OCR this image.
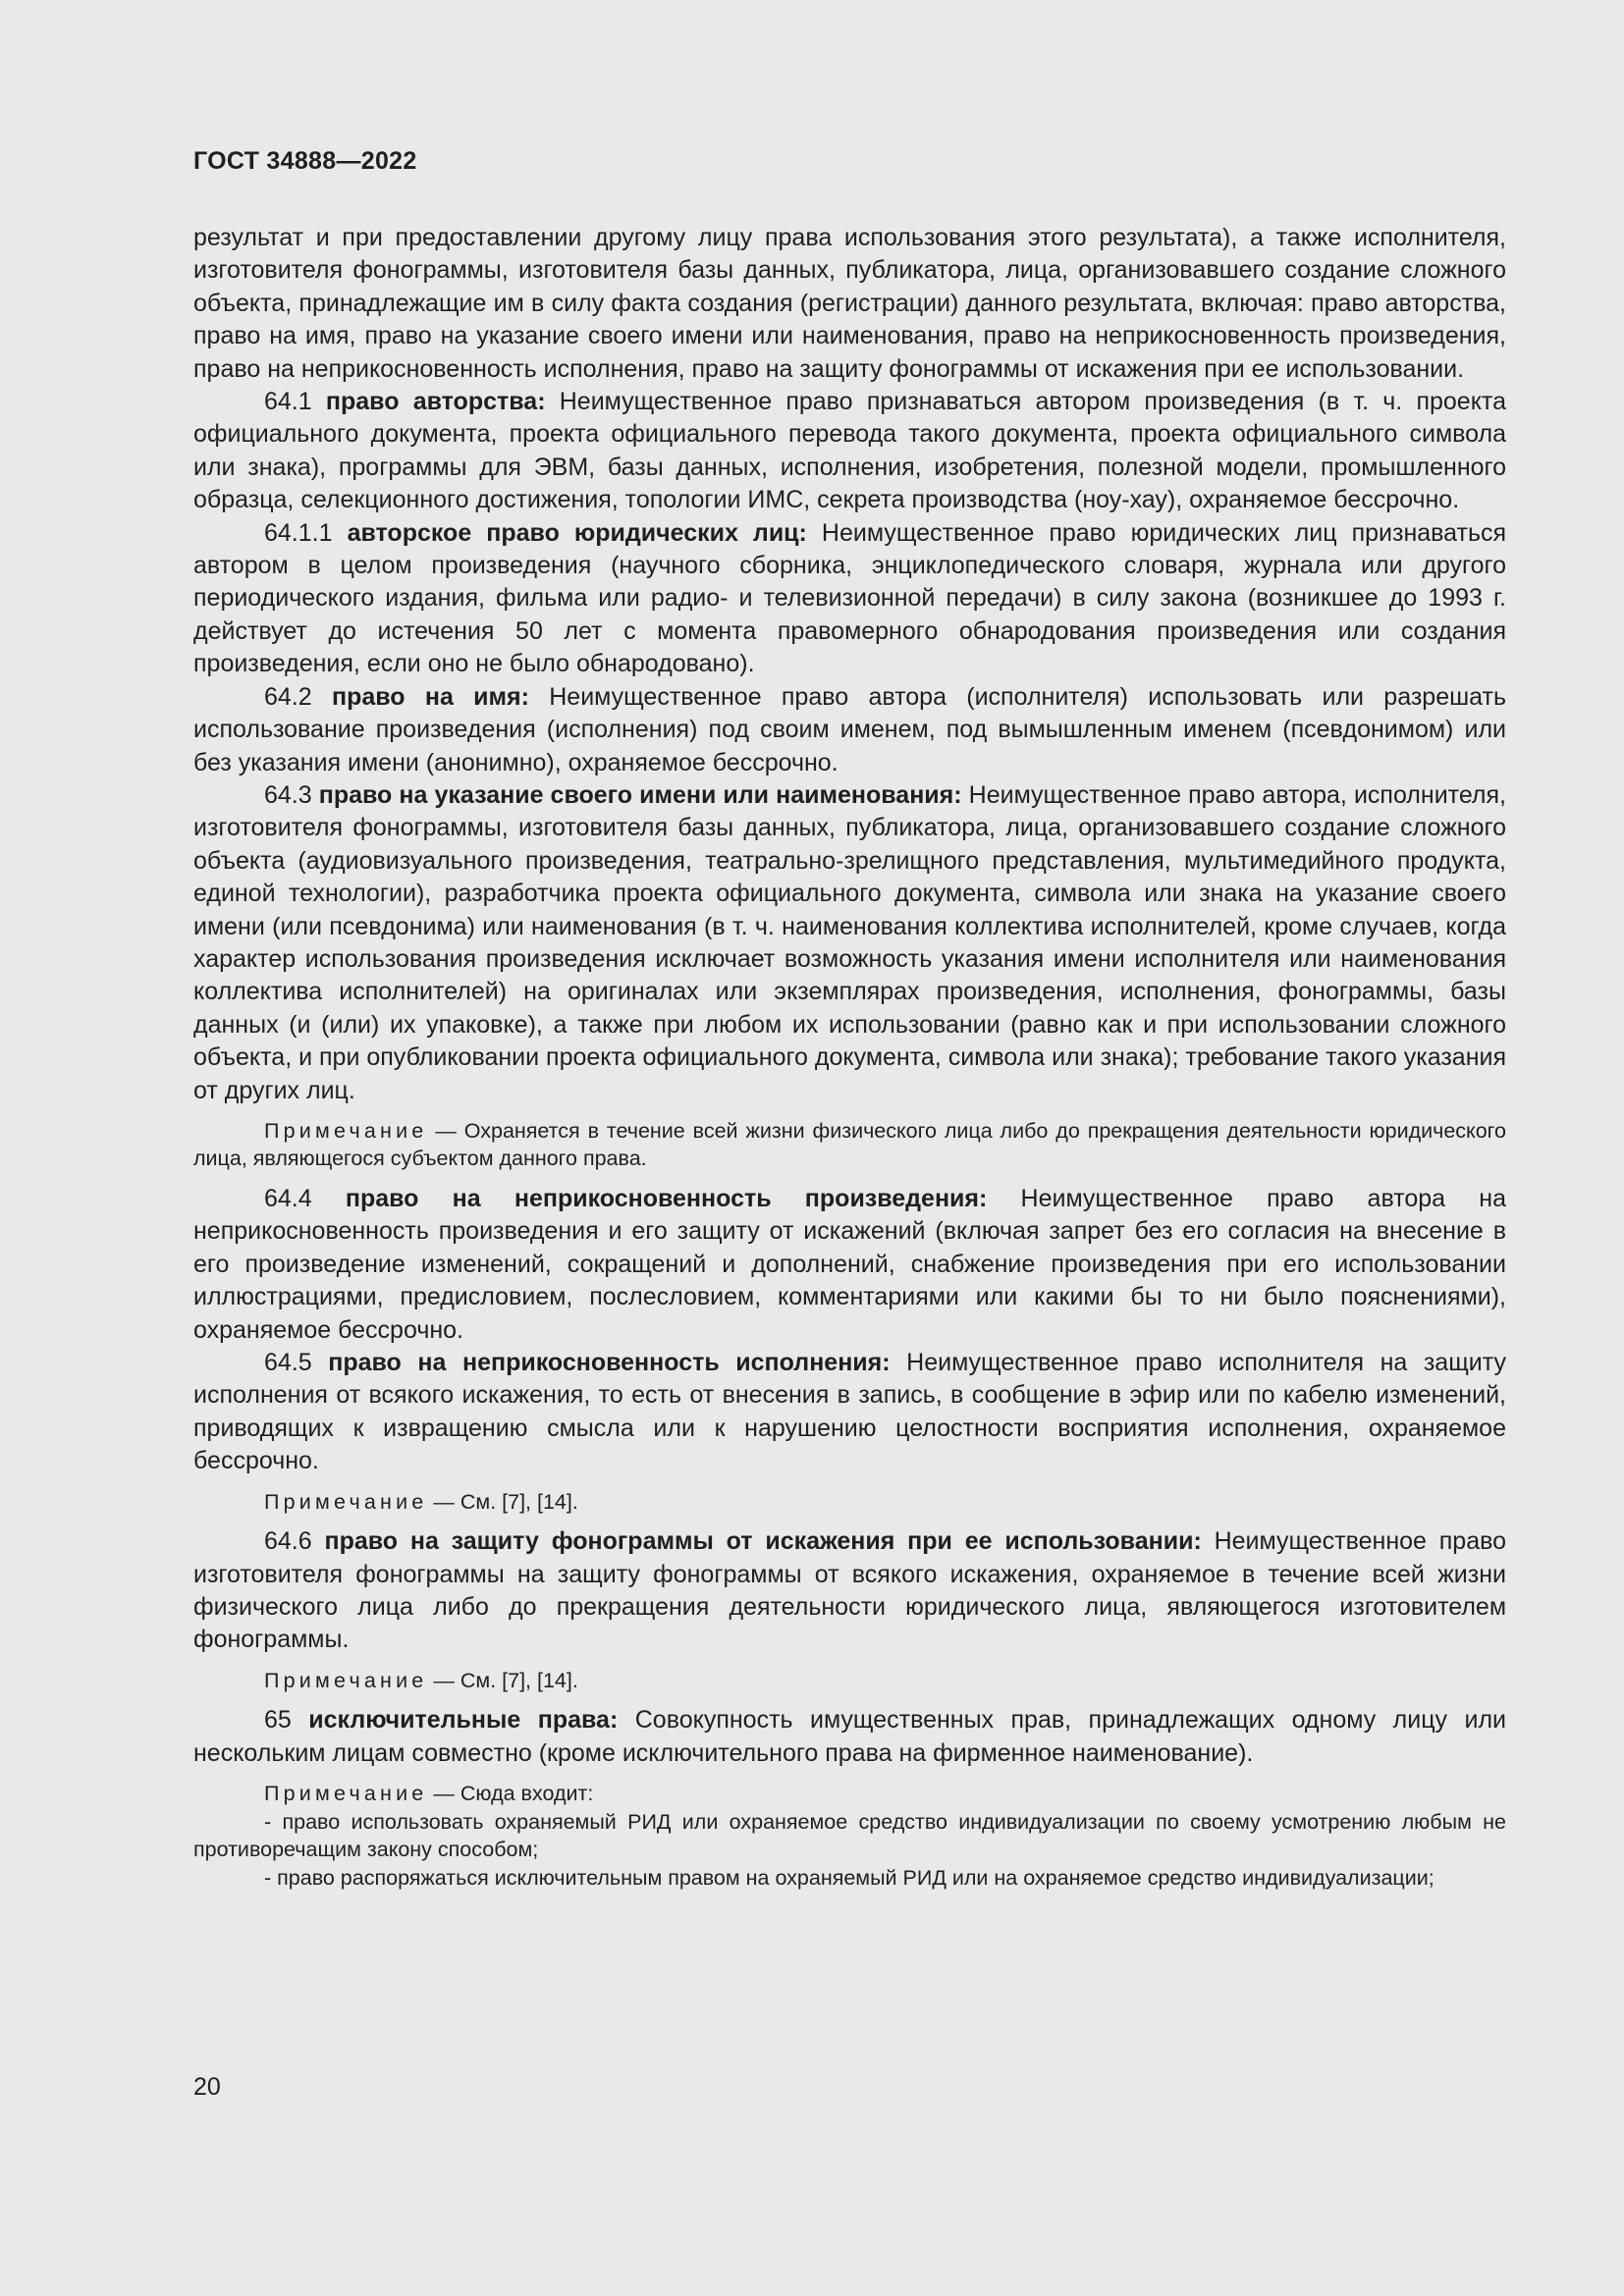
ГОСТ 34888—2022

результат и при предоставлении другому лицу права использования этого результата), а также исполнителя, изготовителя фонограммы, изготовителя базы данных, публикатора, лица, организовавшего создание сложного объекта, принадлежащие им в силу факта создания (регистрации) данного результата, включая: право авторства, право на имя, право на указание своего имени или наименования, право на неприкосновенность произведения, право на неприкосновенность исполнения, право на защиту фонограммы от искажения при ее использовании.

64.1 право авторства: Неимущественное право признаваться автором произведения (в т. ч. проекта официального документа, проекта официального перевода такого документа, проекта официального символа или знака), программы для ЭВМ, базы данных, исполнения, изобретения, полезной модели, промышленного образца, селекционного достижения, топологии ИМС, секрета производства (ноу-хау), охраняемое бессрочно.

64.1.1 авторское право юридических лиц: Неимущественное право юридических лиц признаваться автором в целом произведения (научного сборника, энциклопедического словаря, журнала или другого периодического издания, фильма или радио- и телевизионной передачи) в силу закона (возникшее до 1993 г. действует до истечения 50 лет с момента правомерного обнародования произведения или создания произведения, если оно не было обнародовано).

64.2 право на имя: Неимущественное право автора (исполнителя) использовать или разрешать использование произведения (исполнения) под своим именем, под вымышленным именем (псевдонимом) или без указания имени (анонимно), охраняемое бессрочно.

64.3 право на указание своего имени или наименования: Неимущественное право автора, исполнителя, изготовителя фонограммы, изготовителя базы данных, публикатора, лица, организовавшего создание сложного объекта (аудиовизуального произведения, театрально-зрелищного представления, мультимедийного продукта, единой технологии), разработчика проекта официального документа, символа или знака на указание своего имени (или псевдонима) или наименования (в т. ч. наименования коллектива исполнителей, кроме случаев, когда характер использования произведения исключает возможность указания имени исполнителя или наименования коллектива исполнителей) на оригиналах или экземплярах произведения, исполнения, фонограммы, базы данных (и (или) их упаковке), а также при любом их использовании (равно как и при использовании сложного объекта, и при опубликовании проекта официального документа, символа или знака); требование такого указания от других лиц.

Примечание — Охраняется в течение всей жизни физического лица либо до прекращения деятельности юридического лица, являющегося субъектом данного права.

64.4 право на неприкосновенность произведения: Неимущественное право автора на неприкосновенность произведения и его защиту от искажений (включая запрет без его согласия на внесение в его произведение изменений, сокращений и дополнений, снабжение произведения при его использовании иллюстрациями, предисловием, послесловием, комментариями или какими бы то ни было пояснениями), охраняемое бессрочно.

64.5 право на неприкосновенность исполнения: Неимущественное право исполнителя на защиту исполнения от всякого искажения, то есть от внесения в запись, в сообщение в эфир или по кабелю изменений, приводящих к извращению смысла или к нарушению целостности восприятия исполнения, охраняемое бессрочно.

Примечание — См. [7], [14].

64.6 право на защиту фонограммы от искажения при ее использовании: Неимущественное право изготовителя фонограммы на защиту фонограммы от всякого искажения, охраняемое в течение всей жизни физического лица либо до прекращения деятельности юридического лица, являющегося изготовителем фонограммы.

Примечание — См. [7], [14].

65 исключительные права: Совокупность имущественных прав, принадлежащих одному лицу или нескольким лицам совместно (кроме исключительного права на фирменное наименование).

Примечание — Сюда входит:

- право использовать охраняемый РИД или охраняемое средство индивидуализации по своему усмотрению любым не противоречащим закону способом;

- право распоряжаться исключительным правом на охраняемый РИД или на охраняемое средство индивидуализации;

20
